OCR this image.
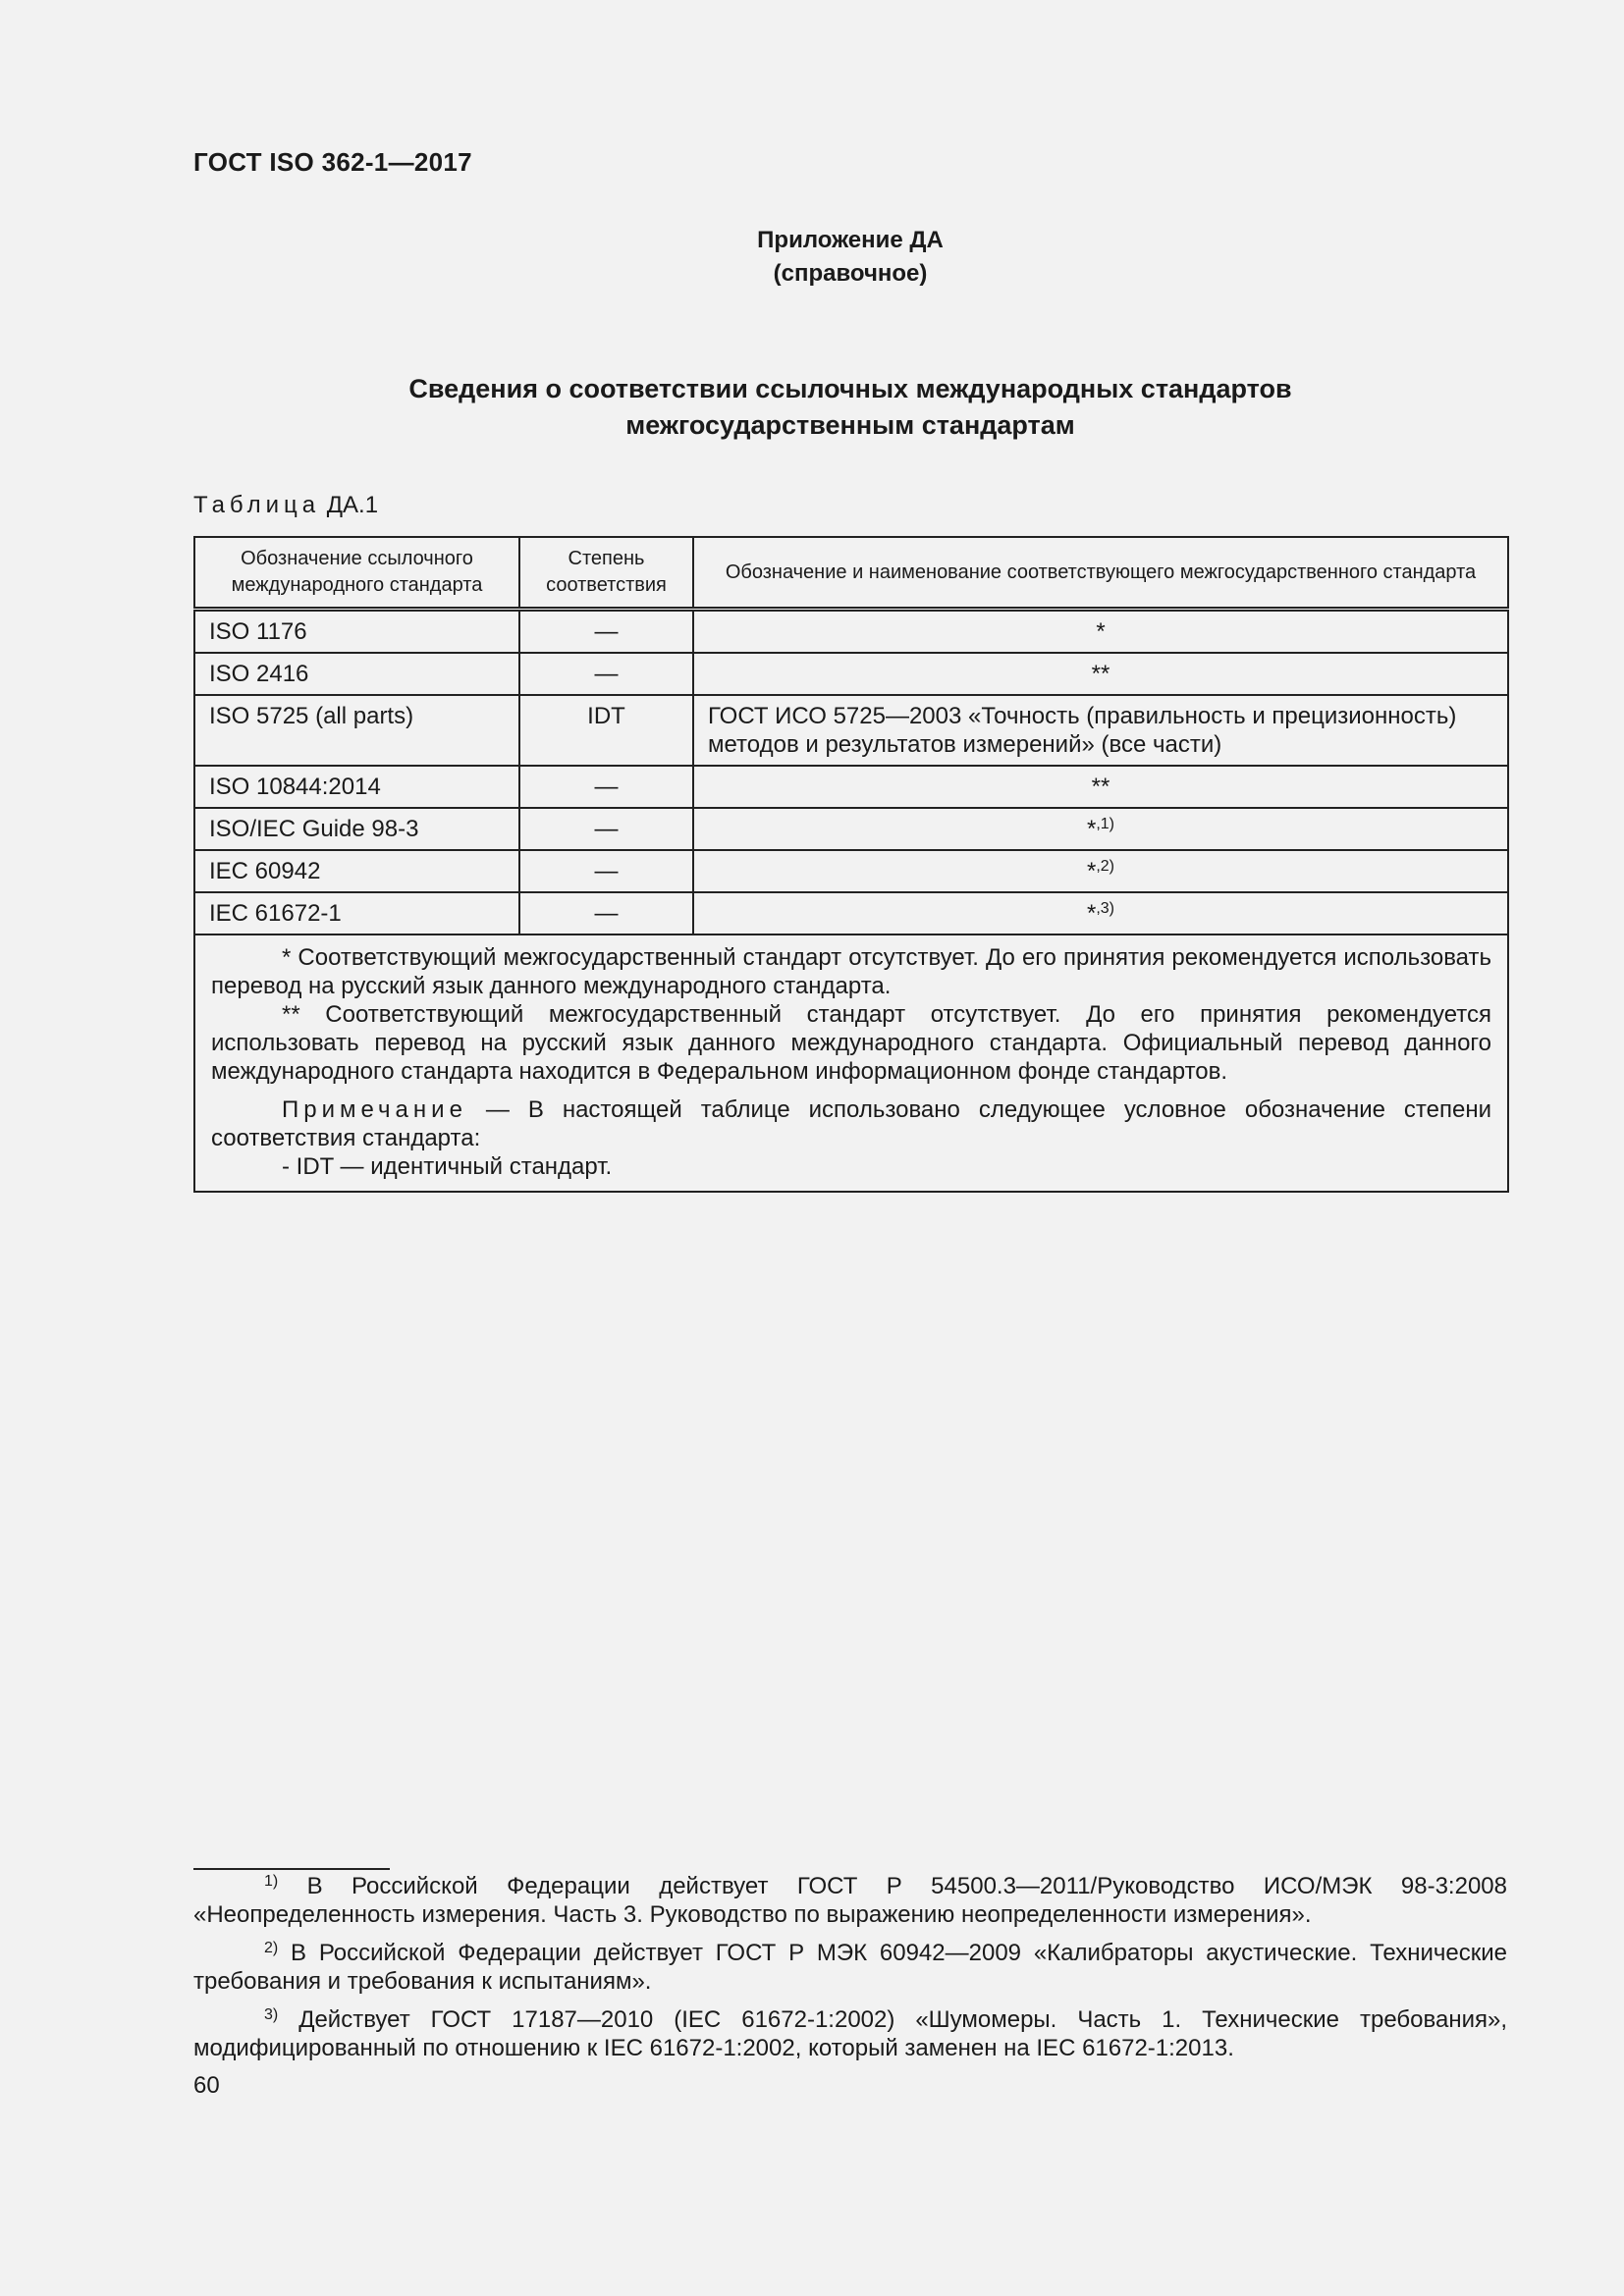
ГОСТ ISO 362-1—2017
Приложение ДА
(справочное)
Сведения о соответствии ссылочных международных стандартов
межгосударственным стандартам
Таблица ДА.1
Обозначение ссылочного международного стандарта	Степень соответствия	Обозначение и наименование соответствующего межгосударственного стандарта
ISO 1176	—	*
ISO 2416	—	**
ISO 5725 (all parts)	IDT	ГОСТ ИСО 5725—2003 «Точность (правильность и прецизионность) методов и результатов измерений» (все части)
ISO 10844:2014	—	**
ISO/IEC Guide 98-3	—	*$^{,1)}$
IEC 60942	—	*$^{,2)}$
IEC 61672-1	—	*$^{,3)}$

* Соответствующий межгосударственный стандарт отсутствует. До его принятия рекомендуется использовать перевод на русский язык данного международного стандарта.

** Соответствующий межгосударственный стандарт отсутствует. До его принятия рекомендуется использовать перевод на русский язык данного международного стандарта. Официальный перевод данного международного стандарта находится в Федеральном информационном фонде стандартов.

Примечание — В настоящей таблице использовано следующее условное обозначение степени соответствия стандарта:

- IDT — идентичный стандарт.		

$^{1)}$ В Российской Федерации действует ГОСТ Р 54500.3—2011/Руководство ИСО/МЭК 98-3:2008 «Неопределенность измерения. Часть 3. Руководство по выражению неопределенности измерения».

$^{2)}$ В Российской Федерации действует ГОСТ Р МЭК 60942—2009 «Калибраторы акустические. Технические требования и требования к испытаниям».

$^{3)}$ Действует ГОСТ 17187—2010 (IEC 61672-1:2002) «Шумомеры. Часть 1. Технические требования», модифицированный по отношению к IEC 61672-1:2002, который заменен на IEC 61672-1:2013.

60
